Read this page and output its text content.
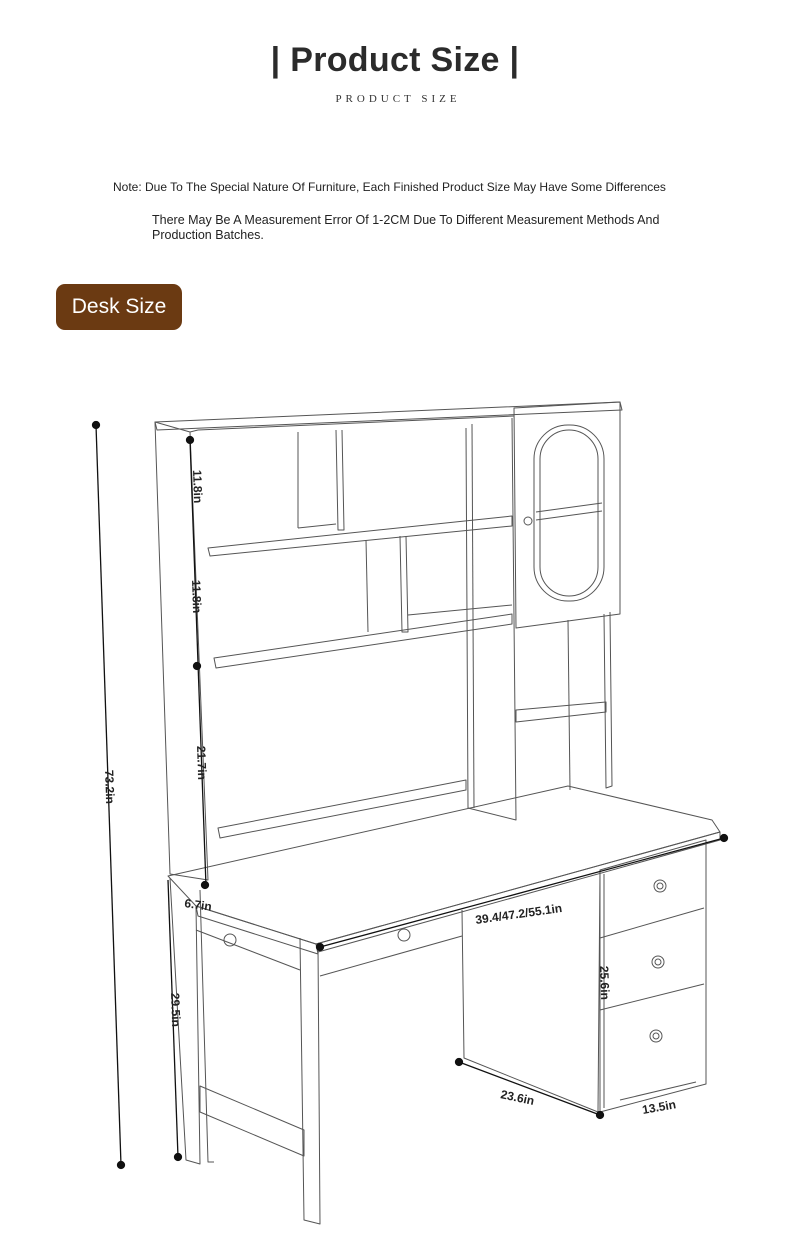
| Product Size |
PRODUCT SIZE
Note: Due To The Special Nature Of Furniture, Each Finished Product Size May Have Some Differences
There May Be A Measurement Error Of 1-2CM Due To Different Measurement Methods And Production Batches.
Desk Size
73.2in
11.8in
11.8in
21.7in
6.7in
29.5in
39.4/47.2/55.1in
25.6in
23.6in	13.5in
